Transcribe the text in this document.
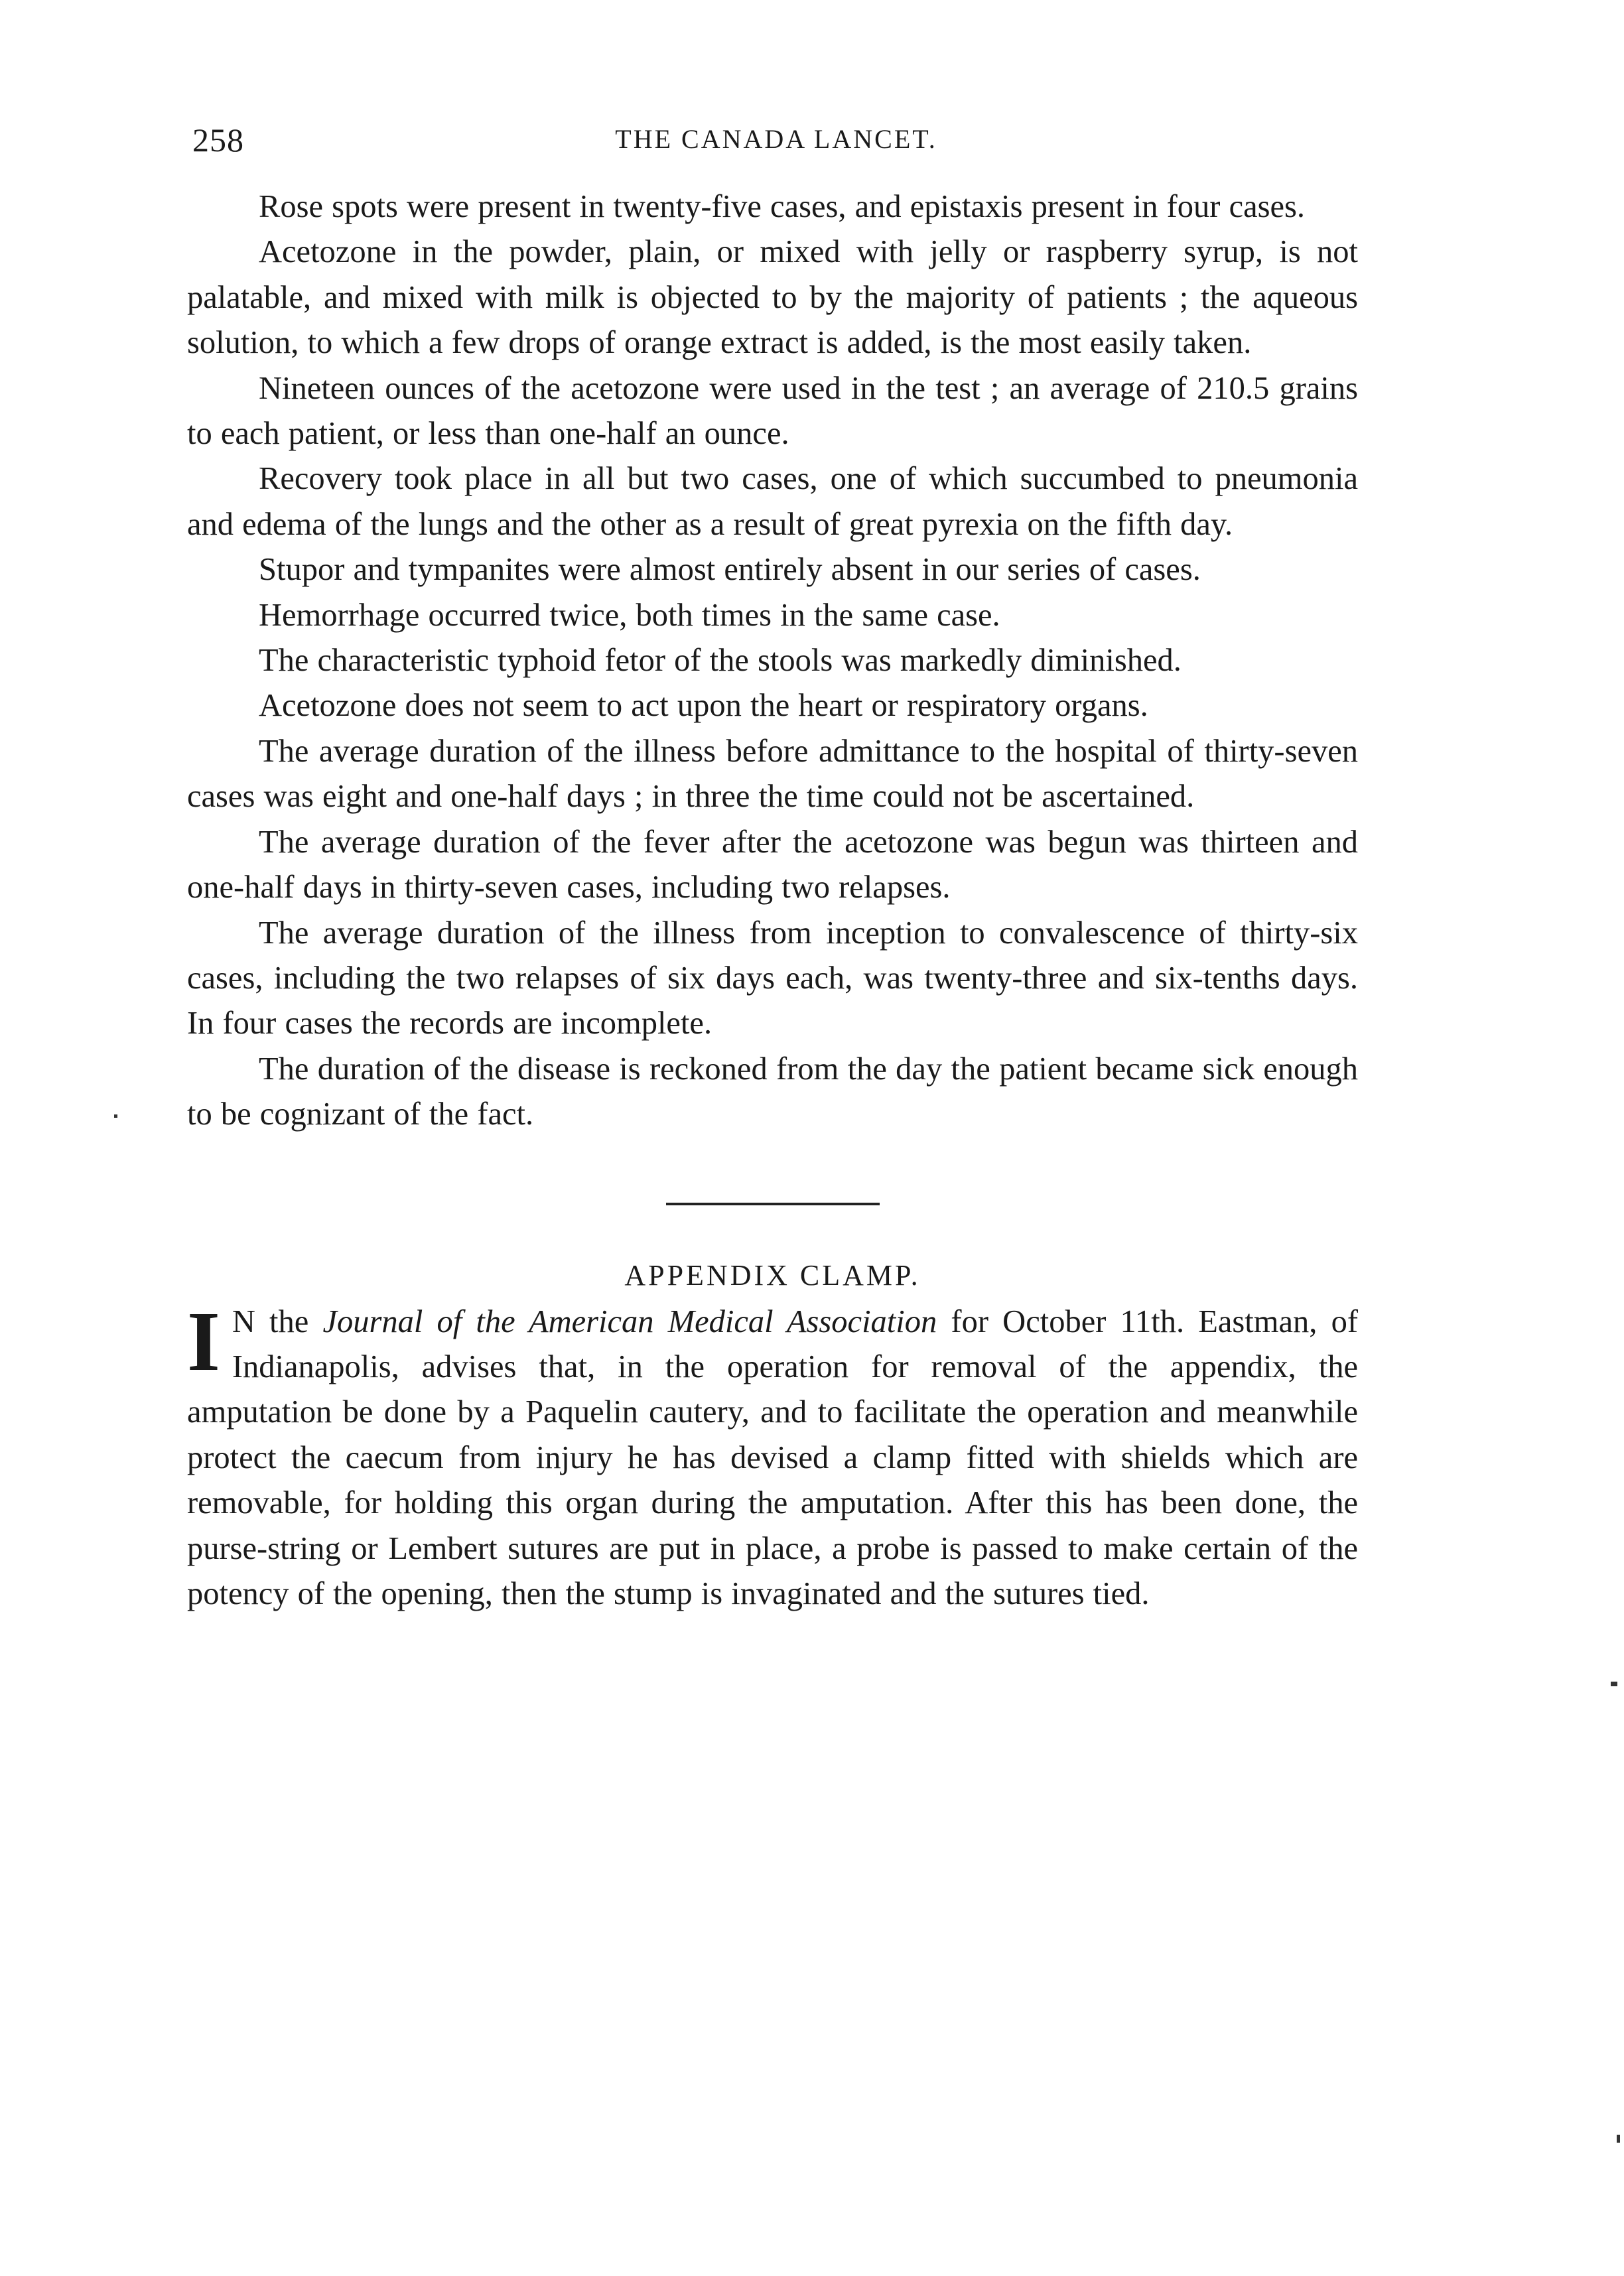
258	THE CANADA LANCET.

Rose spots were present in twenty-five cases, and epistaxis present in four cases.

Acetozone in the powder, plain, or mixed with jelly or raspberry syrup, is not palatable, and mixed with milk is objected to by the majority of patients ; the aqueous solution, to which a few drops of orange extract is added, is the most easily taken.

Nineteen ounces of the acetozone were used in the test ; an average of 210.5 grains to each patient, or less than one-half an ounce.

Recovery took place in all but two cases, one of which succumbed to pneumonia and edema of the lungs and the other as a result of great pyrexia on the fifth day.

Stupor and tympanites were almost entirely absent in our series of cases.

Hemorrhage occurred twice, both times in the same case.

The characteristic typhoid fetor of the stools was markedly diminished.

Acetozone does not seem to act upon the heart or respiratory organs.

The average duration of the illness before admittance to the hospital of thirty-seven cases was eight and one-half days ; in three the time could not be ascertained.

The average duration of the fever after the acetozone was begun was thirteen and one-half days in thirty-seven cases, including two relapses.

The average duration of the illness from inception to convalescence of thirty-six cases, including the two relapses of six days each, was twenty-three and six-tenths days. In four cases the records are incomplete.

The duration of the disease is reckoned from the day the patient became sick enough to be cognizant of the fact.

APPENDIX CLAMP.

I N the Journal of the American Medical Association for October 11th. Eastman, of Indianapolis, advises that, in the operation for removal of the appendix, the amputation be done by a Paquelin cautery, and to facilitate the operation and meanwhile protect the caecum from injury he has devised a clamp fitted with shields which are removable, for holding this organ during the amputation. After this has been done, the purse-string or Lembert sutures are put in place, a probe is passed to make certain of the potency of the opening, then the stump is invaginated and the sutures tied.
